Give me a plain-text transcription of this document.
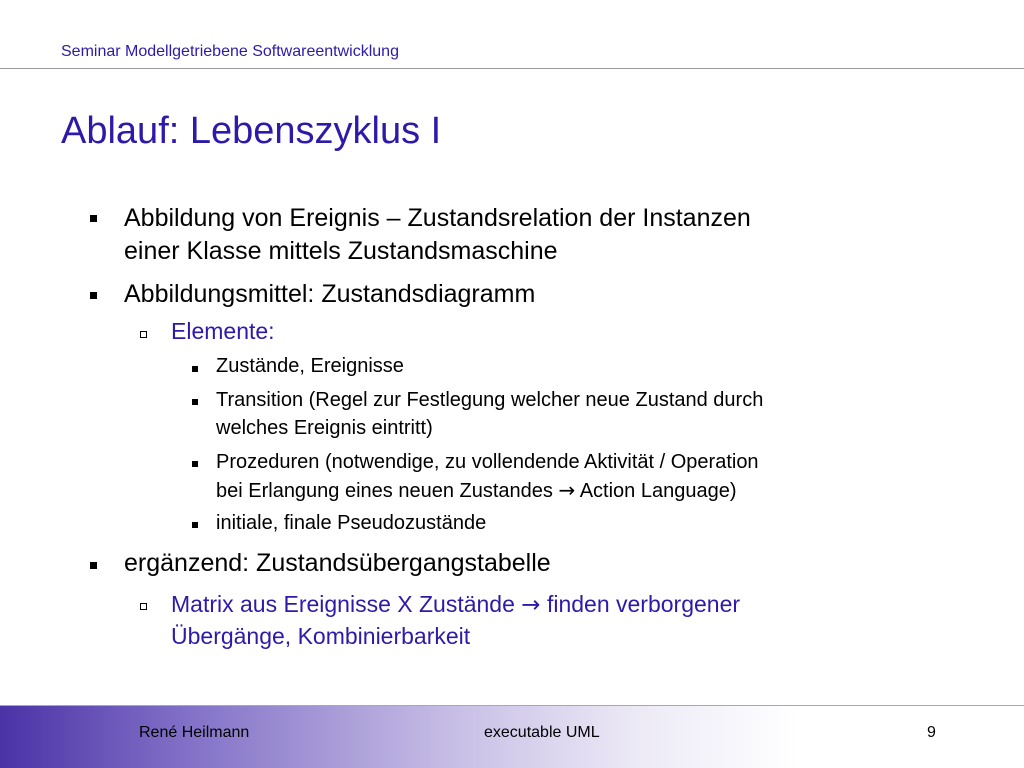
Seminar Modellgetriebene Softwareentwicklung
Ablauf: Lebenszyklus I
Abbildung von Ereignis – Zustandsrelation der Instanzen
einer Klasse mittels Zustandsmaschine
Abbildungsmittel: Zustandsdiagramm
Elemente:
Zustände, Ereignisse
Transition (Regel zur Festlegung welcher neue Zustand durch
welches Ereignis eintritt)
Prozeduren (notwendige, zu vollendende Aktivität / Operation
bei Erlangung eines neuen Zustandes → Action Language)
initiale, finale Pseudozustände
ergänzend: Zustandsübergangstabelle
Matrix aus Ereignisse X Zustände → finden verborgener
Übergänge, Kombinierbarkeit
René Heilmann	executable UML	9
